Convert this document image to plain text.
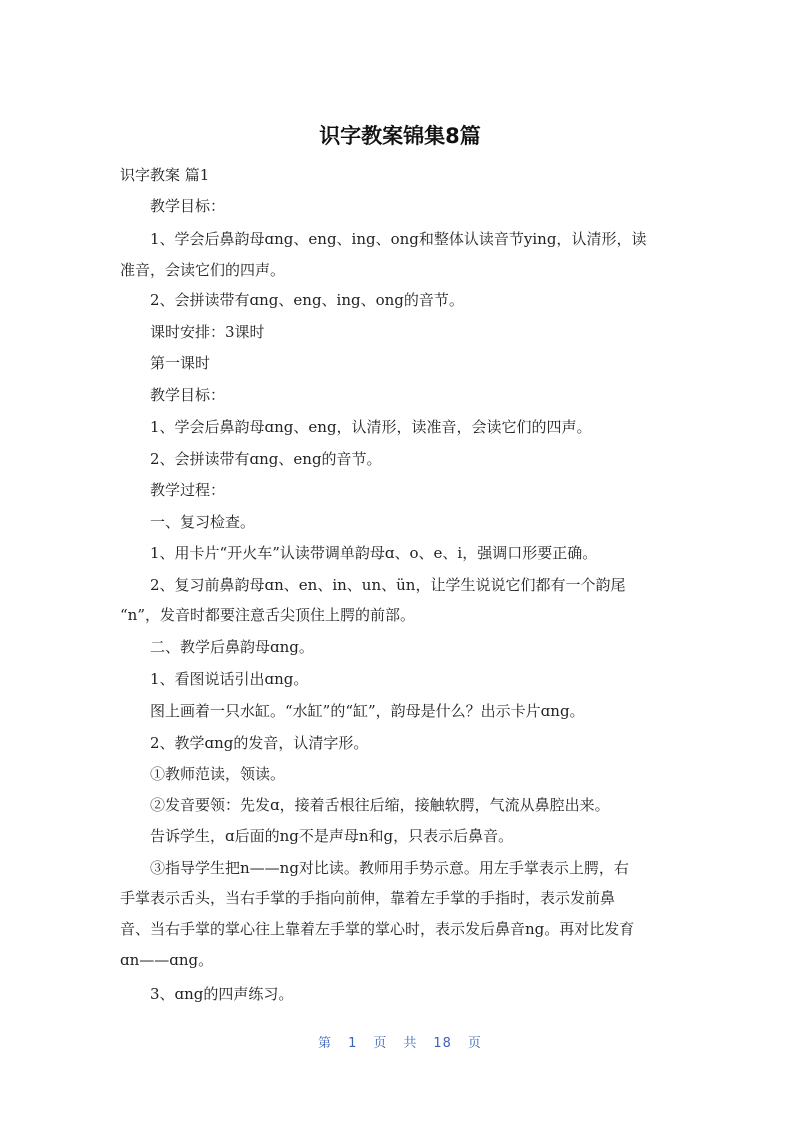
识字教案锦集8篇
识字教案 篇1
教学目标：
1、学会后鼻韵母ɑng、eng、ing、ong和整体认读音节ying，认清形，读
准音，会读它们的四声。
2、会拼读带有ɑng、eng、ing、ong的音节。
课时安排：3课时
第一课时
教学目标：
1、学会后鼻韵母ɑng、eng，认清形，读准音，会读它们的四声。
2、会拼读带有ɑng、eng的音节。
教学过程：
一、复习检查。
1、用卡片“开火车”认读带调单韵母ɑ、o、e、i，强调口形要正确。
2、复习前鼻韵母ɑn、en、in、un、ün，让学生说说它们都有一个韵尾
“n”，发音时都要注意舌尖顶住上腭的前部。
二、教学后鼻韵母ɑng。
1、看图说话引出ɑng。
图上画着一只水缸。“水缸”的“缸”，韵母是什么？出示卡片ɑng。
2、教学ɑng的发音，认清字形。
①教师范读，领读。
②发音要领：先发ɑ，接着舌根往后缩，接触软腭，气流从鼻腔出来。
告诉学生，ɑ后面的ng不是声母n和g，只表示后鼻音。
③指导学生把n——ng对比读。教师用手势示意。用左手掌表示上腭，右
手掌表示舌头，当右手掌的手指向前伸，靠着左手掌的手指时，表示发前鼻
音、当右手掌的掌心往上靠着左手掌的掌心时，表示发后鼻音ng。再对比发育
ɑn——ɑng。
3、ɑng的四声练习。
第 1 页 共 18 页
